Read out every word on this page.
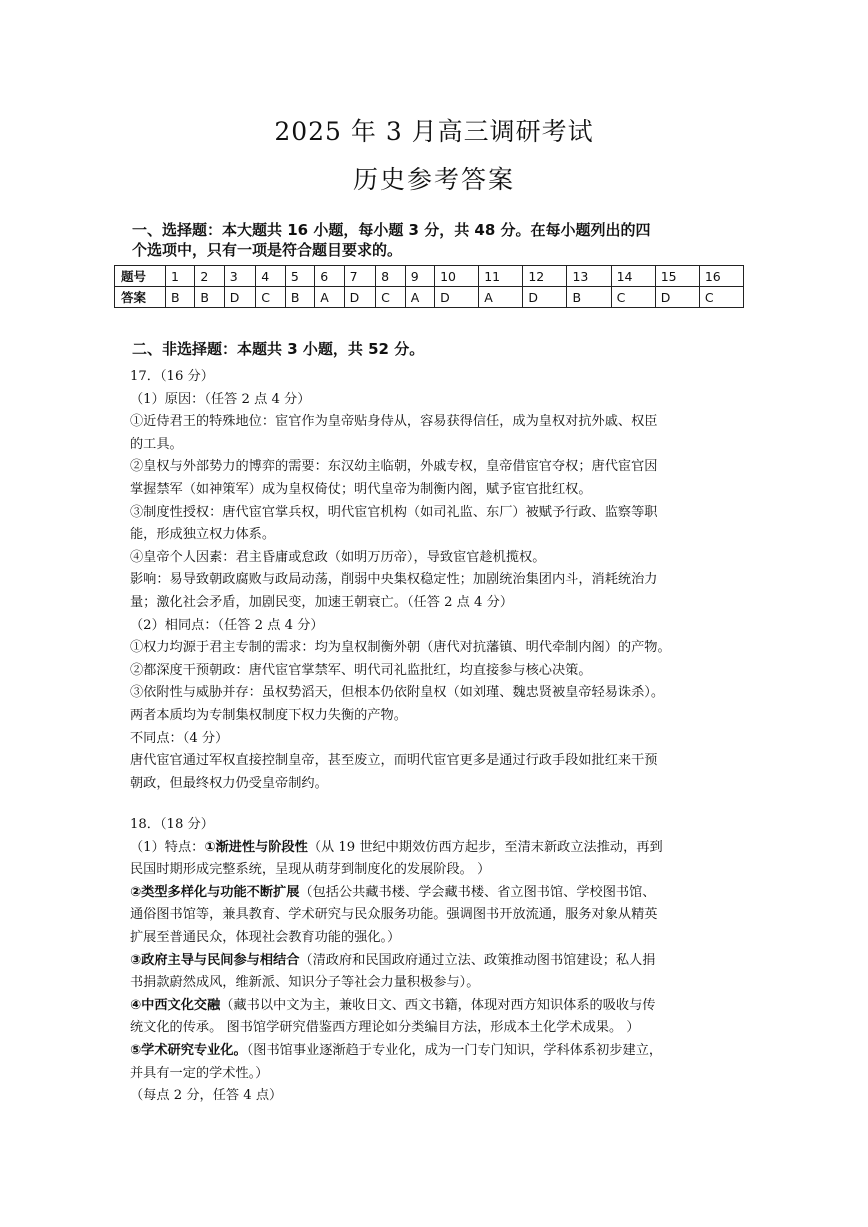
2025 年 3 月高三调研考试
历史参考答案
一、选择题：本大题共 16 小题，每小题 3 分，共 48 分。在每小题列出的四
个选项中，只有一项是符合题目要求的。
题号	1	2	3	4	5	6	7	8	9	10	11	12	13	14	15	16
答案	B	B	D	C	B	A	D	C	A	D	A	D	B	C	D	C
二、非选择题：本题共 3 小题，共 52 分。
17．（16 分）
（1）原因：（任答 2 点 4 分）
①近侍君王的特殊地位：宦官作为皇帝贴身侍从，容易获得信任，成为皇权对抗外戚、权臣
的工具。
②皇权与外部势力的博弈的需要：东汉幼主临朝，外戚专权，皇帝借宦官夺权；唐代宦官因
掌握禁军（如神策军）成为皇权倚仗；明代皇帝为制衡内阁，赋予宦官批红权。
③制度性授权：唐代宦官掌兵权，明代宦官机构（如司礼监、东厂）被赋予行政、监察等职
能，形成独立权力体系。
④皇帝个人因素：君主昏庸或怠政（如明万历帝），导致宦官趁机揽权。
影响：易导致朝政腐败与政局动荡，削弱中央集权稳定性；加剧统治集团内斗，消耗统治力
量；激化社会矛盾，加剧民变，加速王朝衰亡。（任答 2 点 4 分）
（2）相同点：（任答 2 点 4 分）
①权力均源于君主专制的需求：均为皇权制衡外朝（唐代对抗藩镇、明代牵制内阁）的产物。
②都深度干预朝政：唐代宦官掌禁军、明代司礼监批红，均直接参与核心决策。
③依附性与威胁并存：虽权势滔天，但根本仍依附皇权（如刘瑾、魏忠贤被皇帝轻易诛杀）。
两者本质均为专制集权制度下权力失衡的产物。
不同点：（4 分）
唐代宦官通过军权直接控制皇帝，甚至废立，而明代宦官更多是通过行政手段如批红来干预
朝政，但最终权力仍受皇帝制约。
18．（18 分）
（1）特点：①渐进性与阶段性（从 19 世纪中期效仿西方起步，至清末新政立法推动，再到
民国时期形成完整系统，呈现从萌芽到制度化的发展阶段。 ）
②类型多样化与功能不断扩展（包括公共藏书楼、学会藏书楼、省立图书馆、学校图书馆、
通俗图书馆等，兼具教育、学术研究与民众服务功能。强调图书开放流通，服务对象从精英
扩展至普通民众，体现社会教育功能的强化。）
③政府主导与民间参与相结合（清政府和民国政府通过立法、政策推动图书馆建设；私人捐
书捐款蔚然成风，维新派、知识分子等社会力量积极参与）。
④中西文化交融（藏书以中文为主，兼收日文、西文书籍，体现对西方知识体系的吸收与传
统文化的传承。 图书馆学研究借鉴西方理论如分类编目方法，形成本土化学术成果。 ）
⑤学术研究专业化。（图书馆事业逐渐趋于专业化，成为一门专门知识，学科体系初步建立，
并具有一定的学术性。）
（每点 2 分，任答 4 点）
